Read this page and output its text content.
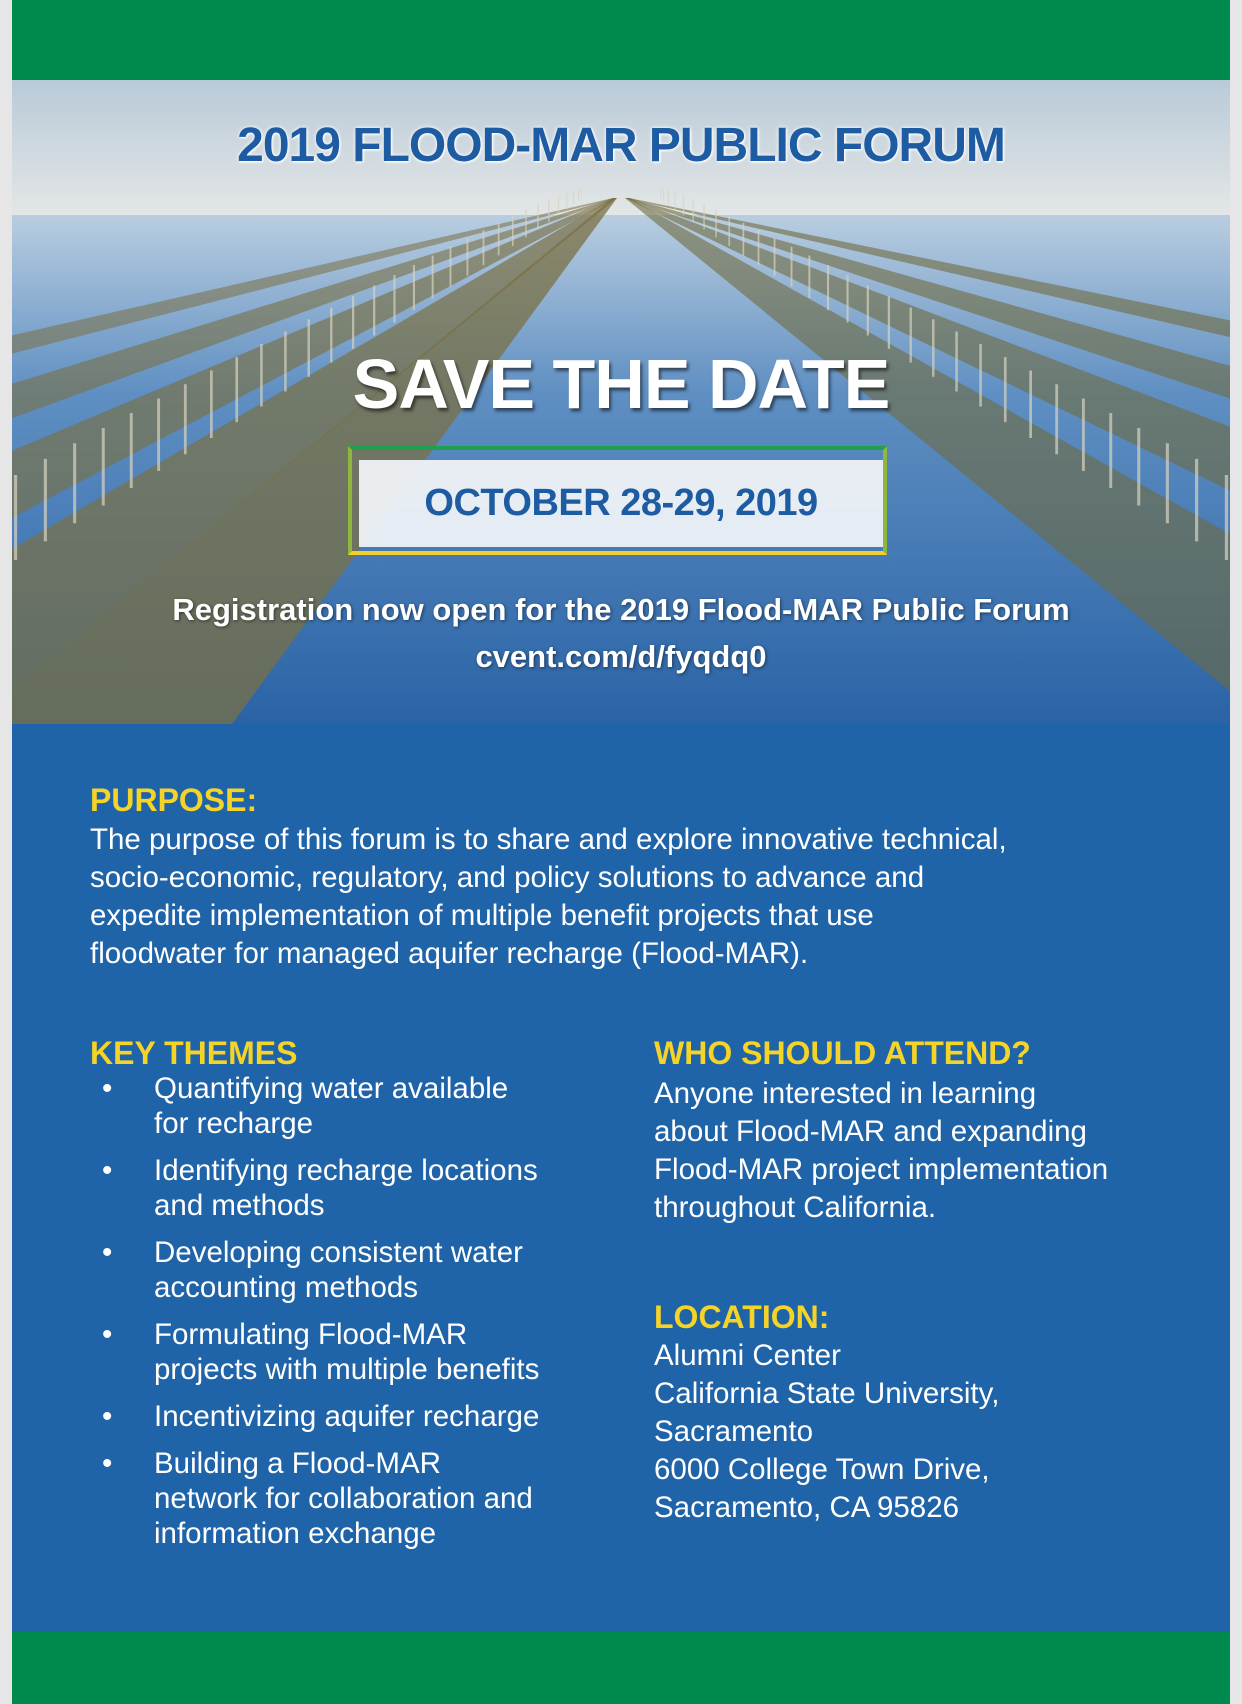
2019 FLOOD-MAR PUBLIC FORUM
SAVE THE DATE
OCTOBER 28-29, 2019
Registration now open for the 2019 Flood-MAR Public Forum
cvent.com/d/fyqdq0
PURPOSE:
The purpose of this forum is to share and explore innovative technical,
socio-economic, regulatory, and policy solutions to advance and
expedite implementation of multiple benefit projects that use
floodwater for managed aquifer recharge (Flood-MAR).
KEY THEMES
• Quantifying water available
for recharge
• Identifying recharge locations
and methods
• Developing consistent water
accounting methods
• Formulating Flood-MAR
projects with multiple benefits
• Incentivizing aquifer recharge
• Building a Flood-MAR
network for collaboration and
information exchange
WHO SHOULD ATTEND?
Anyone interested in learning
about Flood-MAR and expanding
Flood-MAR project implementation
throughout California.
LOCATION:
Alumni Center
California State University,
Sacramento
6000 College Town Drive,
Sacramento, CA 95826
